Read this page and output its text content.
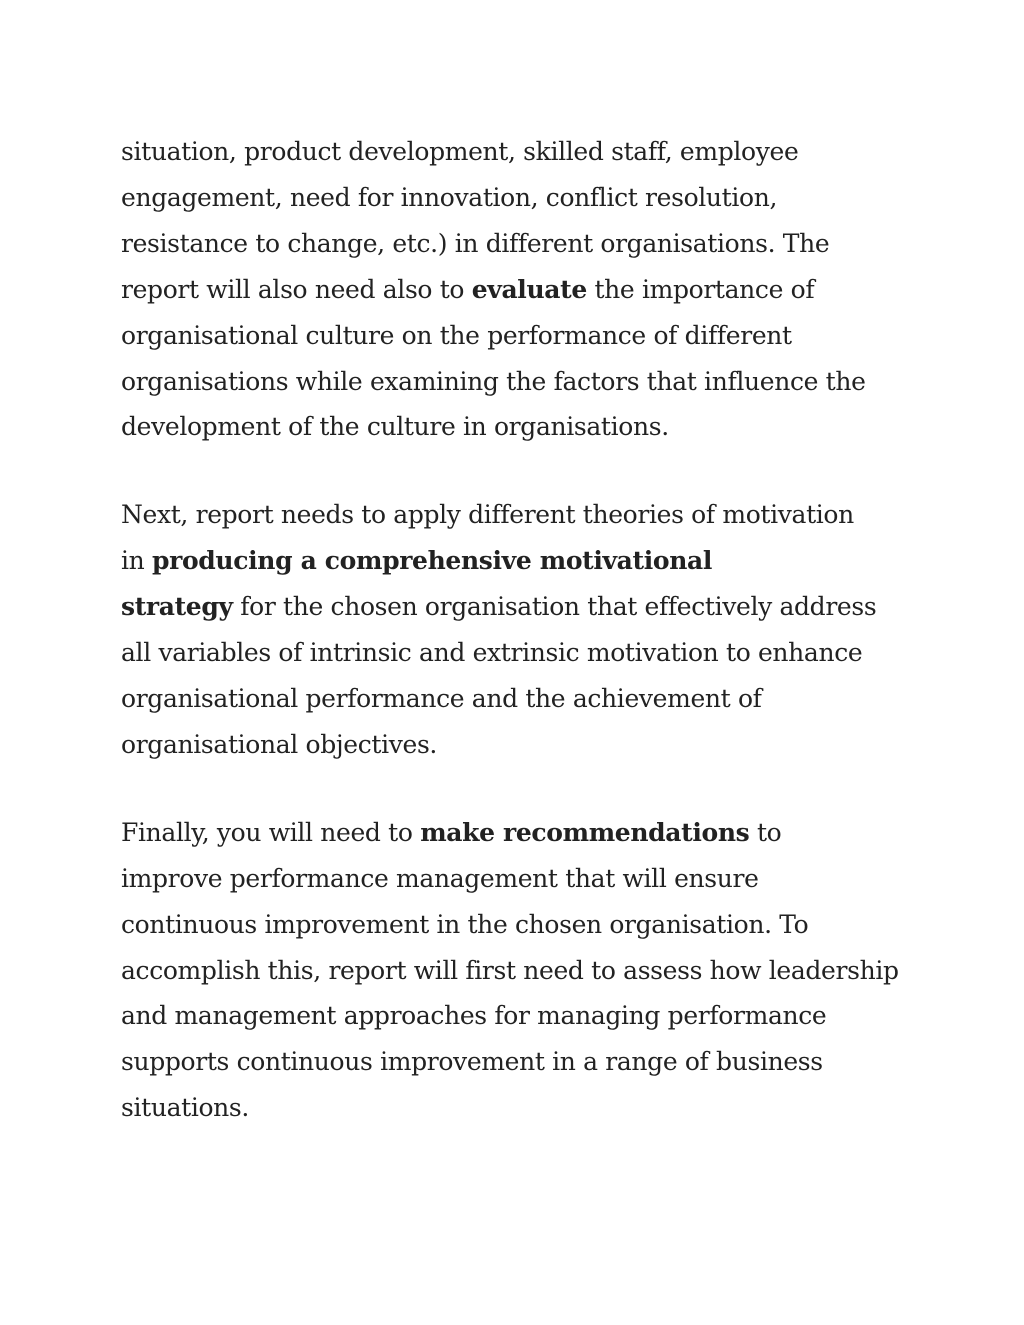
situation, product development, skilled staff, employee
engagement, need for innovation, conflict resolution,
resistance to change, etc.) in different organisations. The
report will also need also to evaluate the importance of
organisational culture on the performance of different
organisations while examining the factors that influence the
development of the culture in organisations.

Next, report needs to apply different theories of motivation
in producing a comprehensive motivational
strategy for the chosen organisation that effectively address
all variables of intrinsic and extrinsic motivation to enhance
organisational performance and the achievement of
organisational objectives.

Finally, you will need to make recommendations to
improve performance management that will ensure
continuous improvement in the chosen organisation. To
accomplish this, report will first need to assess how leadership
and management approaches for managing performance
supports continuous improvement in a range of business
situations.
